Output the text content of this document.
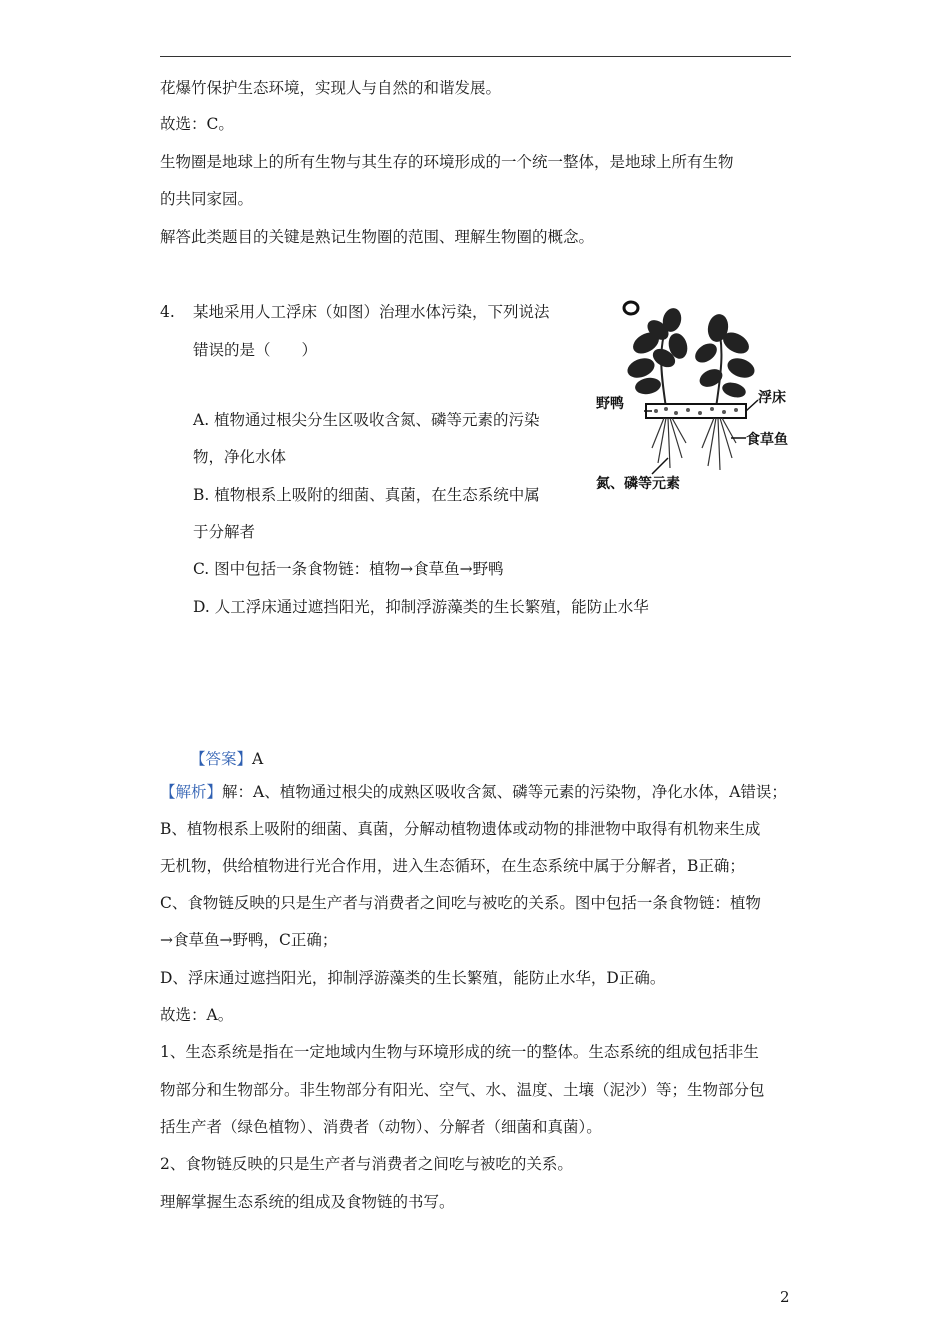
花爆竹保护生态环境，实现人与自然的和谐发展。
故选：C。
生物圈是地球上的所有生物与其生存的环境形成的一个统一整体，是地球上所有生物
的共同家园。
解答此类题目的关键是熟记生物圈的范围、理解生物圈的概念。
4. 某地采用人工浮床（如图）治理水体污染，下列说法
错误的是（　　）
A. 植物通过根尖分生区吸收含氮、磷等元素的污染
物，净化水体
B. 植物根系上吸附的细菌、真菌，在生态系统中属
于分解者
C. 图中包括一条食物链：植物→食草鱼→野鸭
D. 人工浮床通过遮挡阳光，抑制浮游藻类的生长繁殖，能防止水华
野鸭	浮床
食草鱼
氮、磷等元素
【答案】A
【解析】解：A、植物通过根尖的成熟区吸收含氮、磷等元素的污染物，净化水体，A错误；
B、植物根系上吸附的细菌、真菌，分解动植物遗体或动物的排泄物中取得有机物来生成
无机物，供给植物进行光合作用，进入生态循环，在生态系统中属于分解者，B正确；
C、食物链反映的只是生产者与消费者之间吃与被吃的关系。图中包括一条食物链：植物
→食草鱼→野鸭，C正确；
D、浮床通过遮挡阳光，抑制浮游藻类的生长繁殖，能防止水华，D正确。
故选：A。
1、生态系统是指在一定地域内生物与环境形成的统一的整体。生态系统的组成包括非生
物部分和生物部分。非生物部分有阳光、空气、水、温度、土壤（泥沙）等；生物部分包
括生产者（绿色植物）、消费者（动物）、分解者（细菌和真菌）。
2、食物链反映的只是生产者与消费者之间吃与被吃的关系。
理解掌握生态系统的组成及食物链的书写。
2
